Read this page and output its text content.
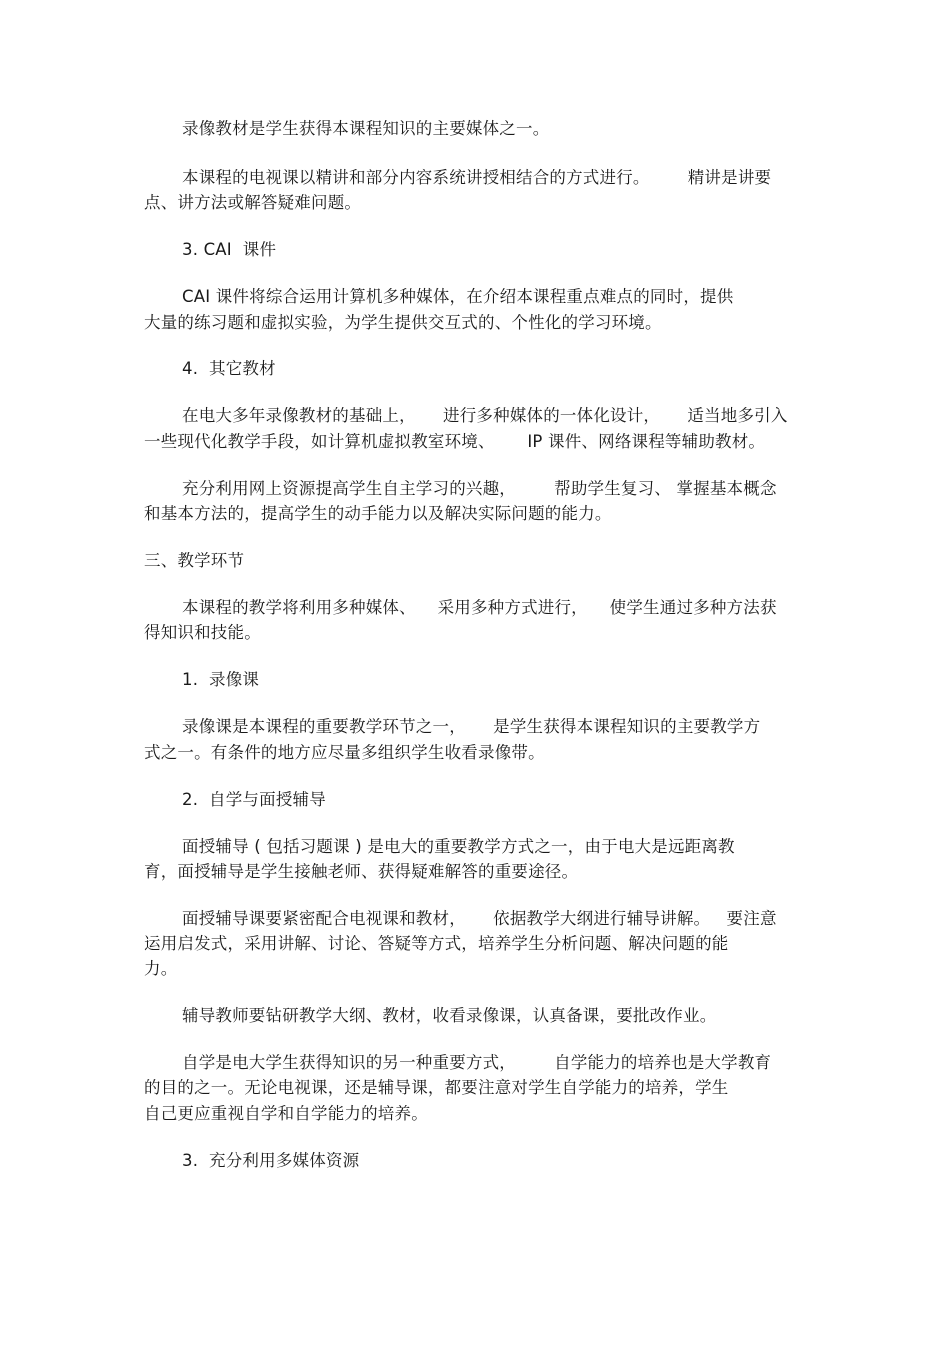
录像教材是学生获得本课程知识的主要媒体之一。
本课程的电视课以精讲和部分内容系统讲授相结合的方式进行。       精讲是讲要
点、讲方法或解答疑难问题。
3. CAI  课件
CAI 课件将综合运用计算机多种媒体，在介绍本课程重点难点的同时，提供
大量的练习题和虚拟实验，为学生提供交互式的、个性化的学习环境。
4.  其它教材
在电大多年录像教材的基础上，     进行多种媒体的一体化设计，     适当地多引入
一些现代化教学手段，如计算机虚拟教室环境、      IP 课件、网络课程等辅助教材。
充分利用网上资源提高学生自主学习的兴趣，       帮助学生复习、 掌握基本概念
和基本方法的，提高学生的动手能力以及解决实际问题的能力。
三、教学环节
本课程的教学将利用多种媒体、    采用多种方式进行，    使学生通过多种方法获
得知识和技能。
1.  录像课
录像课是本课程的重要教学环节之一，     是学生获得本课程知识的主要教学方
式之一。有条件的地方应尽量多组织学生收看录像带。
2.  自学与面授辅导
面授辅导 ( 包括习题课 ) 是电大的重要教学方式之一，由于电大是远距离教
育，面授辅导是学生接触老师、获得疑难解答的重要途径。
面授辅导课要紧密配合电视课和教材，     依据教学大纲进行辅导讲解。   要注意
运用启发式，采用讲解、讨论、答疑等方式，培养学生分析问题、解决问题的能
力。
辅导教师要钻研教学大纲、教材，收看录像课，认真备课，要批改作业。
自学是电大学生获得知识的另一种重要方式，       自学能力的培养也是大学教育
的目的之一。无论电视课，还是辅导课，都要注意对学生自学能力的培养，学生
自己更应重视自学和自学能力的培养。
3.  充分利用多媒体资源
